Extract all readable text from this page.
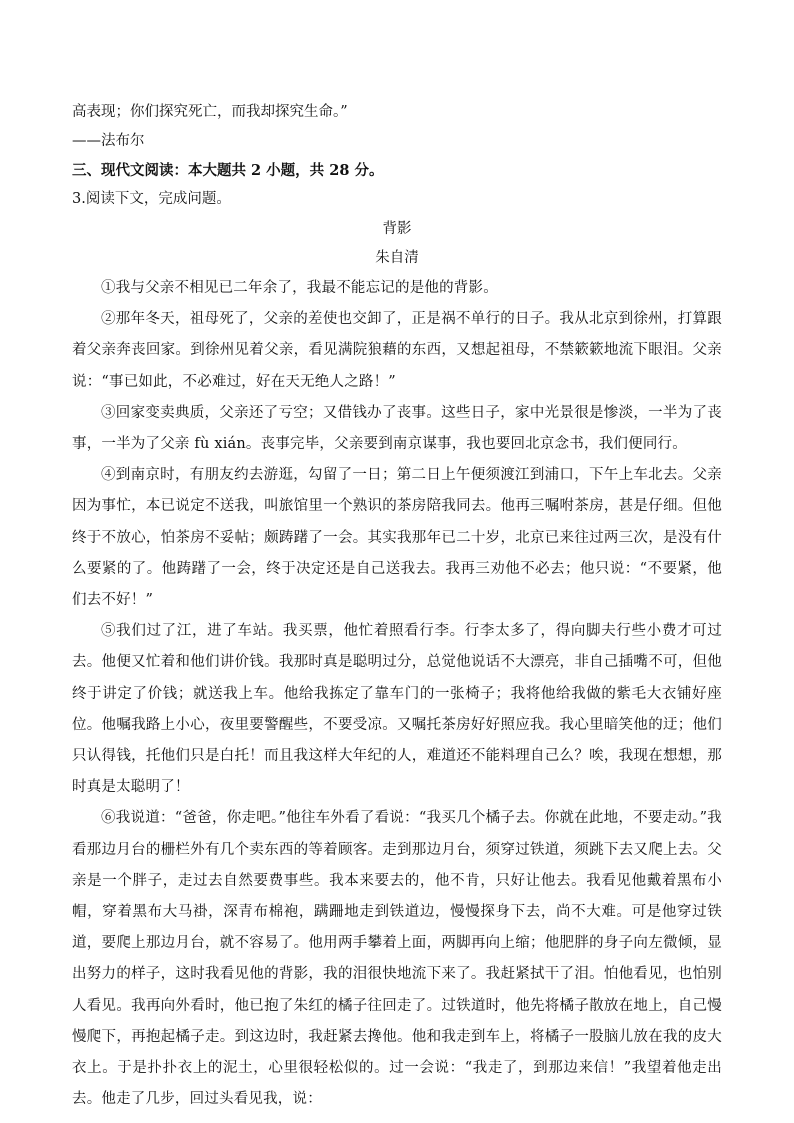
高表现；你们探究死亡，而我却探究生命。”

——法布尔

三、现代文阅读：本大题共 2 小题，共 28 分。

3.阅读下文，完成问题。

背影

朱自清

①我与父亲不相见已二年余了，我最不能忘记的是他的背影。

②那年冬天，祖母死了，父亲的差使也交卸了，正是祸不单行的日子。我从北京到徐州，打算跟着父亲奔丧回家。到徐州见着父亲，看见满院狼藉的东西，又想起祖母，不禁簌簌地流下眼泪。父亲说：“事已如此，不必难过，好在天无绝人之路！”

③回家变卖典质，父亲还了亏空；又借钱办了丧事。这些日子，家中光景很是惨淡，一半为了丧事，一半为了父亲 fù xián。丧事完毕，父亲要到南京谋事，我也要回北京念书，我们便同行。

④到南京时，有朋友约去游逛，勾留了一日；第二日上午便须渡江到浦口，下午上车北去。父亲因为事忙，本已说定不送我，叫旅馆里一个熟识的茶房陪我同去。他再三嘱咐茶房，甚是仔细。但他终于不放心，怕茶房不妥帖；颇踌躇了一会。其实我那年已二十岁，北京已来往过两三次，是没有什么要紧的了。他踌躇了一会，终于决定还是自己送我去。我再三劝他不必去；他只说：“不要紧，他们去不好！”

⑤我们过了江，进了车站。我买票，他忙着照看行李。行李太多了，得向脚夫行些小费才可过去。他便又忙着和他们讲价钱。我那时真是聪明过分，总觉他说话不大漂亮，非自己插嘴不可，但他终于讲定了价钱；就送我上车。他给我拣定了靠车门的一张椅子；我将他给我做的紫毛大衣铺好座位。他嘱我路上小心，夜里要警醒些，不要受凉。又嘱托茶房好好照应我。我心里暗笑他的迂；他们只认得钱，托他们只是白托！而且我这样大年纪的人，难道还不能料理自己么？唉，我现在想想，那时真是太聪明了！

⑥我说道：“爸爸，你走吧。”他往车外看了看说：“我买几个橘子去。你就在此地，不要走动。”我看那边月台的栅栏外有几个卖东西的等着顾客。走到那边月台，须穿过铁道，须跳下去又爬上去。父亲是一个胖子，走过去自然要费事些。我本来要去的，他不肯，只好让他去。我看见他戴着黑布小帽，穿着黑布大马褂，深青布棉袍，蹒跚地走到铁道边，慢慢探身下去，尚不大难。可是他穿过铁道，要爬上那边月台，就不容易了。他用两手攀着上面，两脚再向上缩；他肥胖的身子向左微倾，显出努力的样子，这时我看见他的背影，我的泪很快地流下来了。我赶紧拭干了泪。怕他看见，也怕别人看见。我再向外看时，他已抱了朱红的橘子往回走了。过铁道时，他先将橘子散放在地上，自己慢慢爬下，再抱起橘子走。到这边时，我赶紧去搀他。他和我走到车上，将橘子一股脑儿放在我的皮大衣上。于是扑扑衣上的泥土，心里很轻松似的。过一会说：“我走了，到那边来信！”我望着他走出去。他走了几步，回过头看见我，说：
